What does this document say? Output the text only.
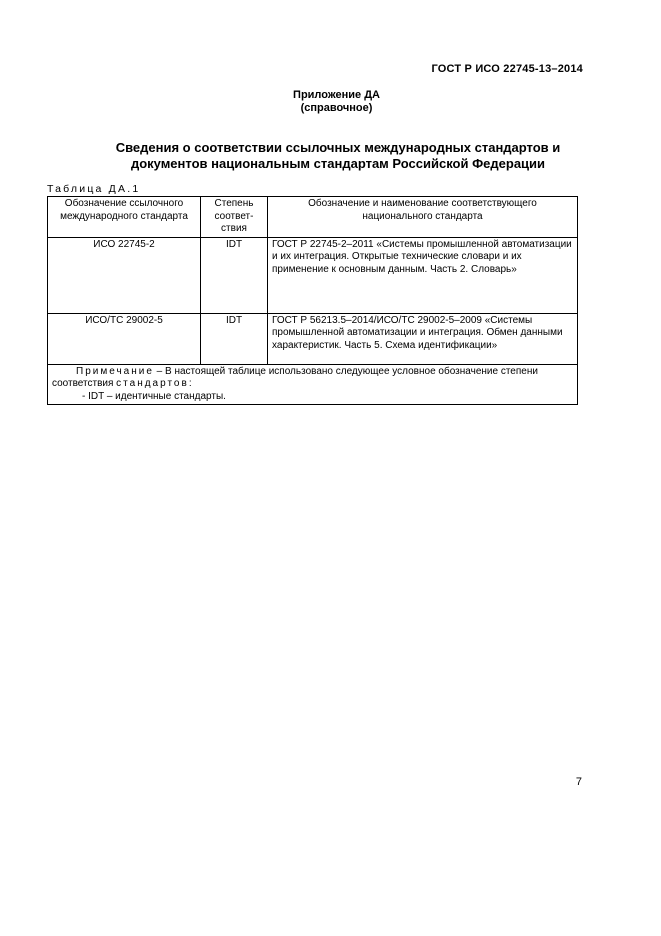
ГОСТ Р ИСО 22745-13–2014
Приложение ДА
(справочное)
Сведения о соответствии ссылочных международных стандартов и
документов национальным стандартам Российской Федерации
Таблица ДА.1
Обозначение ссылочного международного стандарта	Степень соответ-ствия	Обозначение и наименование соответствующего национального стандарта
ИСО 22745-2	IDT	ГОСТ Р 22745-2–2011 «Системы промышленной автоматизации и их интеграция. Открытые технические словари и их применение к основным данным. Часть 2. Словарь»
ИСО/ТС 29002-5	IDT	ГОСТ Р 56213.5–2014/ИСО/ТС 29002-5–2009 «Системы промышленной автоматизации и интеграция. Обмен данными характеристик. Часть 5. Схема идентификации»

Примечание – В настоящей таблице использовано следующее условное обозначение степени соответствия стандартов:
- IDT – идентичные стандарты.		
7
